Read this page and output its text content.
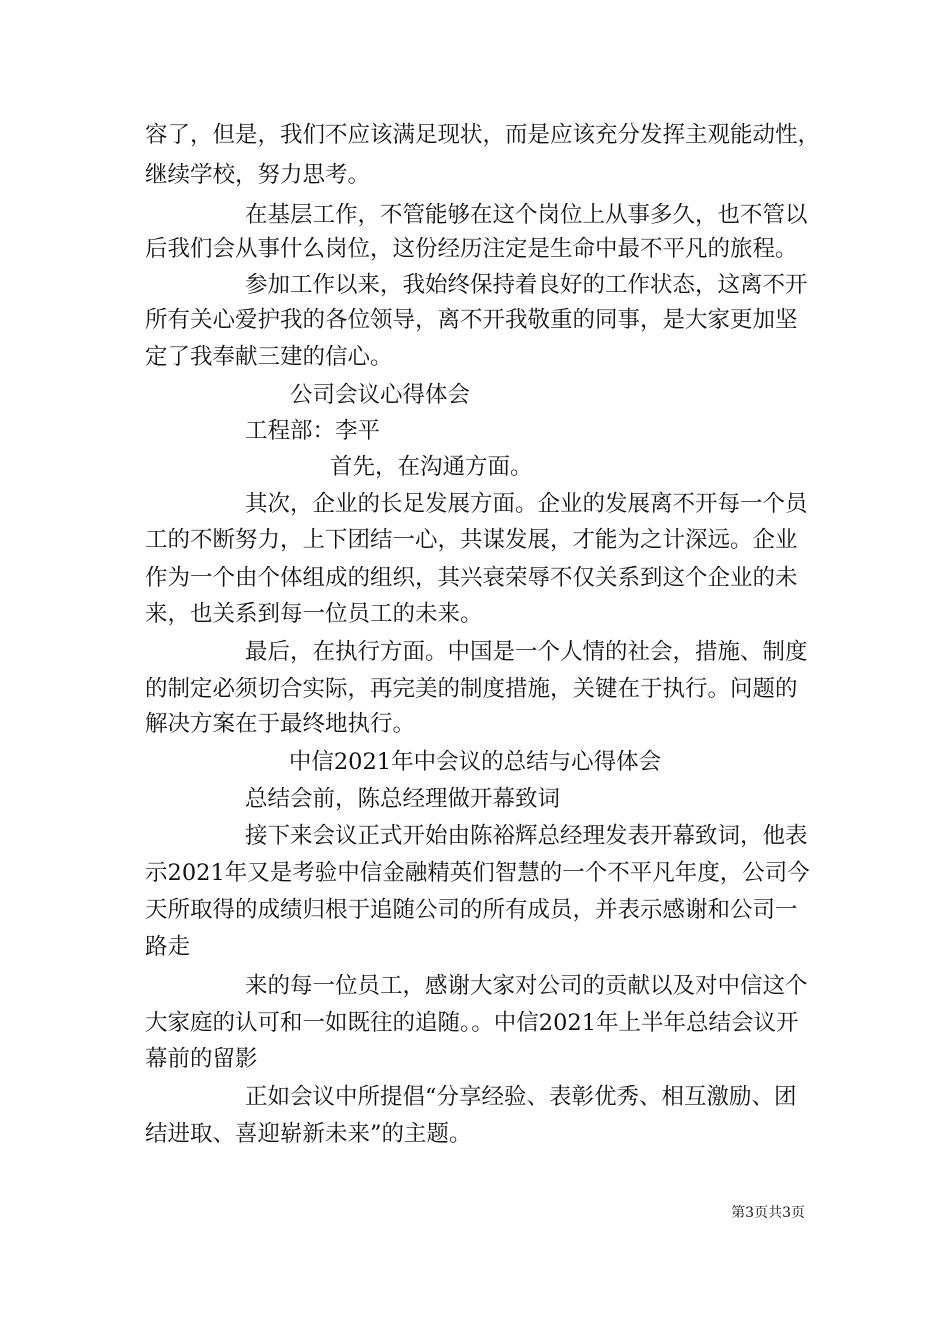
容了，但是，我们不应该满足现状，而是应该充分发挥主观能动性，
继续学校，努力思考。
在基层工作，不管能够在这个岗位上从事多久，也不管以
后我们会从事什么岗位，这份经历注定是生命中最不平凡的旅程。
参加工作以来，我始终保持着良好的工作状态，这离不开
所有关心爱护我的各位领导，离不开我敬重的同事，是大家更加坚
定了我奉献三建的信心。
公司会议心得体会
工程部：李平
首先，在沟通方面。
其次，企业的长足发展方面。企业的发展离不开每一个员
工的不断努力，上下团结一心，共谋发展，才能为之计深远。企业
作为一个由个体组成的组织，其兴衰荣辱不仅关系到这个企业的未
来，也关系到每一位员工的未来。
最后，在执行方面。中国是一个人情的社会，措施、制度
的制定必须切合实际，再完美的制度措施，关键在于执行。问题的
解决方案在于最终地执行。
中信2021年中会议的总结与心得体会
总结会前，陈总经理做开幕致词
接下来会议正式开始由陈裕辉总经理发表开幕致词，他表
示2021年又是考验中信金融精英们智慧的一个不平凡年度，公司今
天所取得的成绩归根于追随公司的所有成员，并表示感谢和公司一
路走
来的每一位员工，感谢大家对公司的贡献以及对中信这个
大家庭的认可和一如既往的追随。。中信2021年上半年总结会议开
幕前的留影
正如会议中所提倡“分享经验、表彰优秀、相互激励、团
结进取、喜迎崭新未来”的主题。
第3页共3页
